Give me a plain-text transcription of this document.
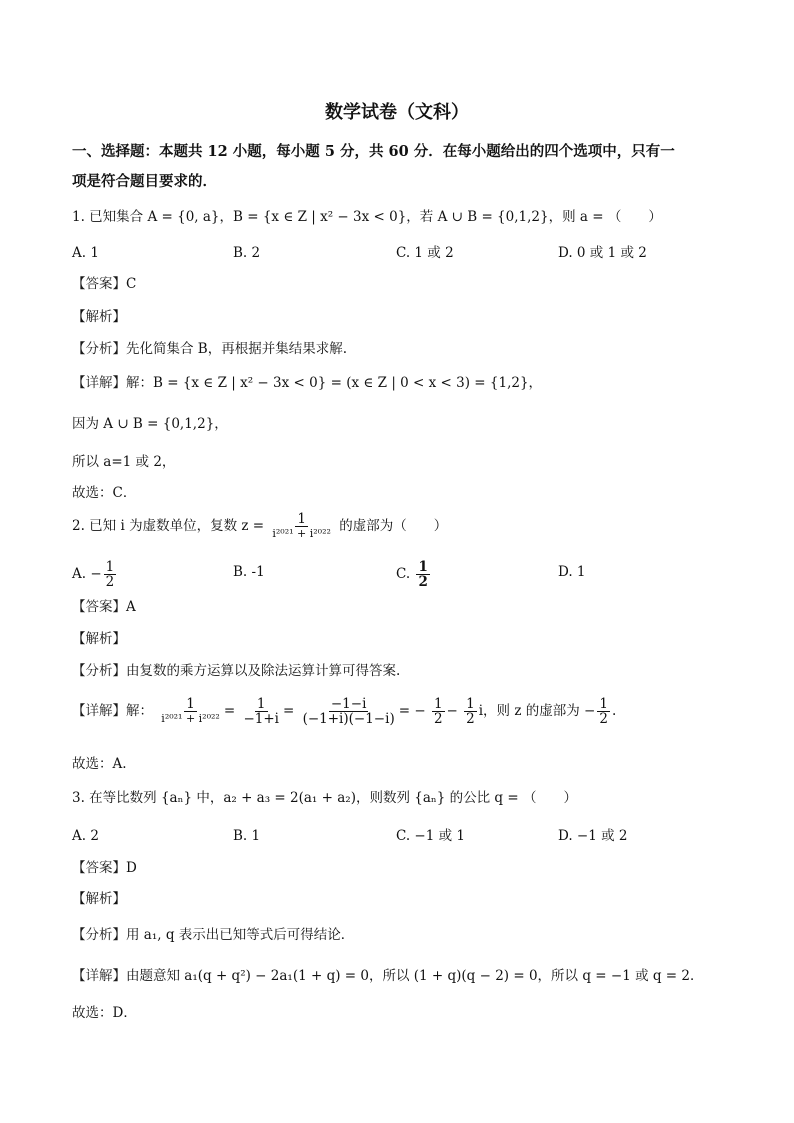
数学试卷（文科）
一、选择题：本题共 12 小题，每小题 5 分，共 60 分．在每小题给出的四个选项中，只有一
项是符合题目要求的．
1. 已知集合 A = {0, a}，B = {x ∈ Z | x² − 3x < 0}，若 A ∪ B = {0,1,2}，则 a = （　　）
A. 1	B. 2	C. 1 或 2	D. 0 或 1 或 2
【答案】C
【解析】
【分析】先化简集合 B，再根据并集结果求解.
【详解】解：B = {x ∈ Z | x² − 3x < 0} = (x ∈ Z | 0 < x < 3) = {1,2}，
因为 A ∪ B = {0,1,2}，
所以 a=1 或 2，
故选：C．
2. 已知 i 为虚数单位，复数 $z = \frac{1}{\text{i²⁰²¹ + i²⁰²²}}$ 的虚部为（　　）
A. − $\frac{1}{2}$	B. -1	C. $\frac{1}{2}$	D. 1
【答案】A
【解析】
【分析】由复数的乘方运算以及除法运算计算可得答案.
【详解】解： $\frac{1}{\text{i²⁰²¹ + i²⁰²²}} = \frac{1}{-1+i} = \frac{-1-i}{(-1+i)(-1-i)}$ = − $\frac{1}{2} - \frac{1}{2}$ i，则 z 的虚部为 − $\frac{1}{2}$ .
故选：A.
3. 在等比数列 {aₙ} 中，a₂ + a₃ = 2(a₁ + a₂)，则数列 {aₙ} 的公比 q = （　　）
A. 2	B. 1	C. −1 或 1	D. −1 或 2
【答案】D
【解析】
【分析】用 a₁, q 表示出已知等式后可得结论．
【详解】由题意知 a₁(q + q²) − 2a₁(1 + q) = 0，所以 (1 + q)(q − 2) = 0，所以 q = −1 或 q = 2．
故选：D．
